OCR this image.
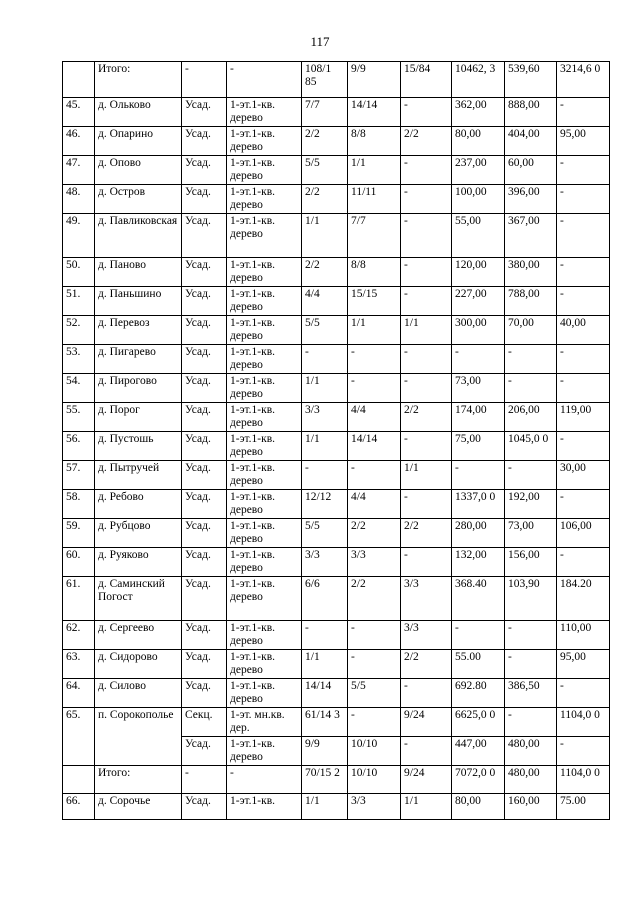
117
	Итого:	-	-	108/1 85	9/9	15/84	10462, 3	539,60	3214,6 0
45.	д. Ольково	Усад.	1-эт.1-кв. дерево	7/7	14/14	-	362,00	888,00	-
46.	д. Опарино	Усад.	1-эт.1-кв. дерево	2/2	8/8	2/2	80,00	404,00	95,00
47.	д. Опово	Усад.	1-эт.1-кв. дерево	5/5	1/1	-	237,00	60,00	-
48.	д. Остров	Усад.	1-эт.1-кв. дерево	2/2	11/11	-	100,00	396,00	-
49.	д. Павликовская	Усад.	1-эт.1-кв. дерево	1/1	7/7	-	55,00	367,00	-
50.	д. Паново	Усад.	1-эт.1-кв. дерево	2/2	8/8	-	120,00	380,00	-
51.	д. Паньшино	Усад.	1-эт.1-кв. дерево	4/4	15/15	-	227,00	788,00	-
52.	д. Перевоз	Усад.	1-эт.1-кв. дерево	5/5	1/1	1/1	300,00	70,00	40,00
53.	д. Пигарево	Усад.	1-эт.1-кв. дерево	-	-	-	-	-	-
54.	д. Пирогово	Усад.	1-эт.1-кв. дерево	1/1	-	-	73,00	-	-
55.	д. Порог	Усад.	1-эт.1-кв. дерево	3/3	4/4	2/2	174,00	206,00	119,00
56.	д. Пустошь	Усад.	1-эт.1-кв. дерево	1/1	14/14	-	75,00	1045,0 0	-
57.	д. Пытручей	Усад.	1-эт.1-кв. дерево	-	-	1/1	-	-	30,00
58.	д. Ребово	Усад.	1-эт.1-кв. дерево	12/12	4/4	-	1337,0 0	192,00	-
59.	д. Рубцово	Усад.	1-эт.1-кв. дерево	5/5	2/2	2/2	280,00	73,00	106,00
60.	д. Руяково	Усад.	1-эт.1-кв. дерево	3/3	3/3	-	132,00	156,00	-
61.	д. Саминский Погост	Усад.	1-эт.1-кв. дерево	6/6	2/2	3/3	368.40	103,90	184.20
62.	д. Сергеево	Усад.	1-эт.1-кв. дерево	-	-	3/3	-	-	110,00
63.	д. Сидорово	Усад.	1-эт.1-кв. дерево	1/1	-	2/2	55.00	-	95,00
64.	д. Силово	Усад.	1-эт.1-кв. дерево	14/14	5/5	-	692.80	386,50	-
65.	п. Сорокополье	Секц.	1-эт. мн.кв. дер.	61/14 3	-	9/24	6625,0 0	-	1104,0 0
		Усад.	1-эт.1-кв. дерево	9/9	10/10	-	447,00	480,00	-
	Итого:	-	-	70/15 2	10/10	9/24	7072,0 0	480,00	1104,0 0
66.	д. Сорочье	Усад.	1-эт.1-кв.	1/1	3/3	1/1	80,00	160,00	75.00
